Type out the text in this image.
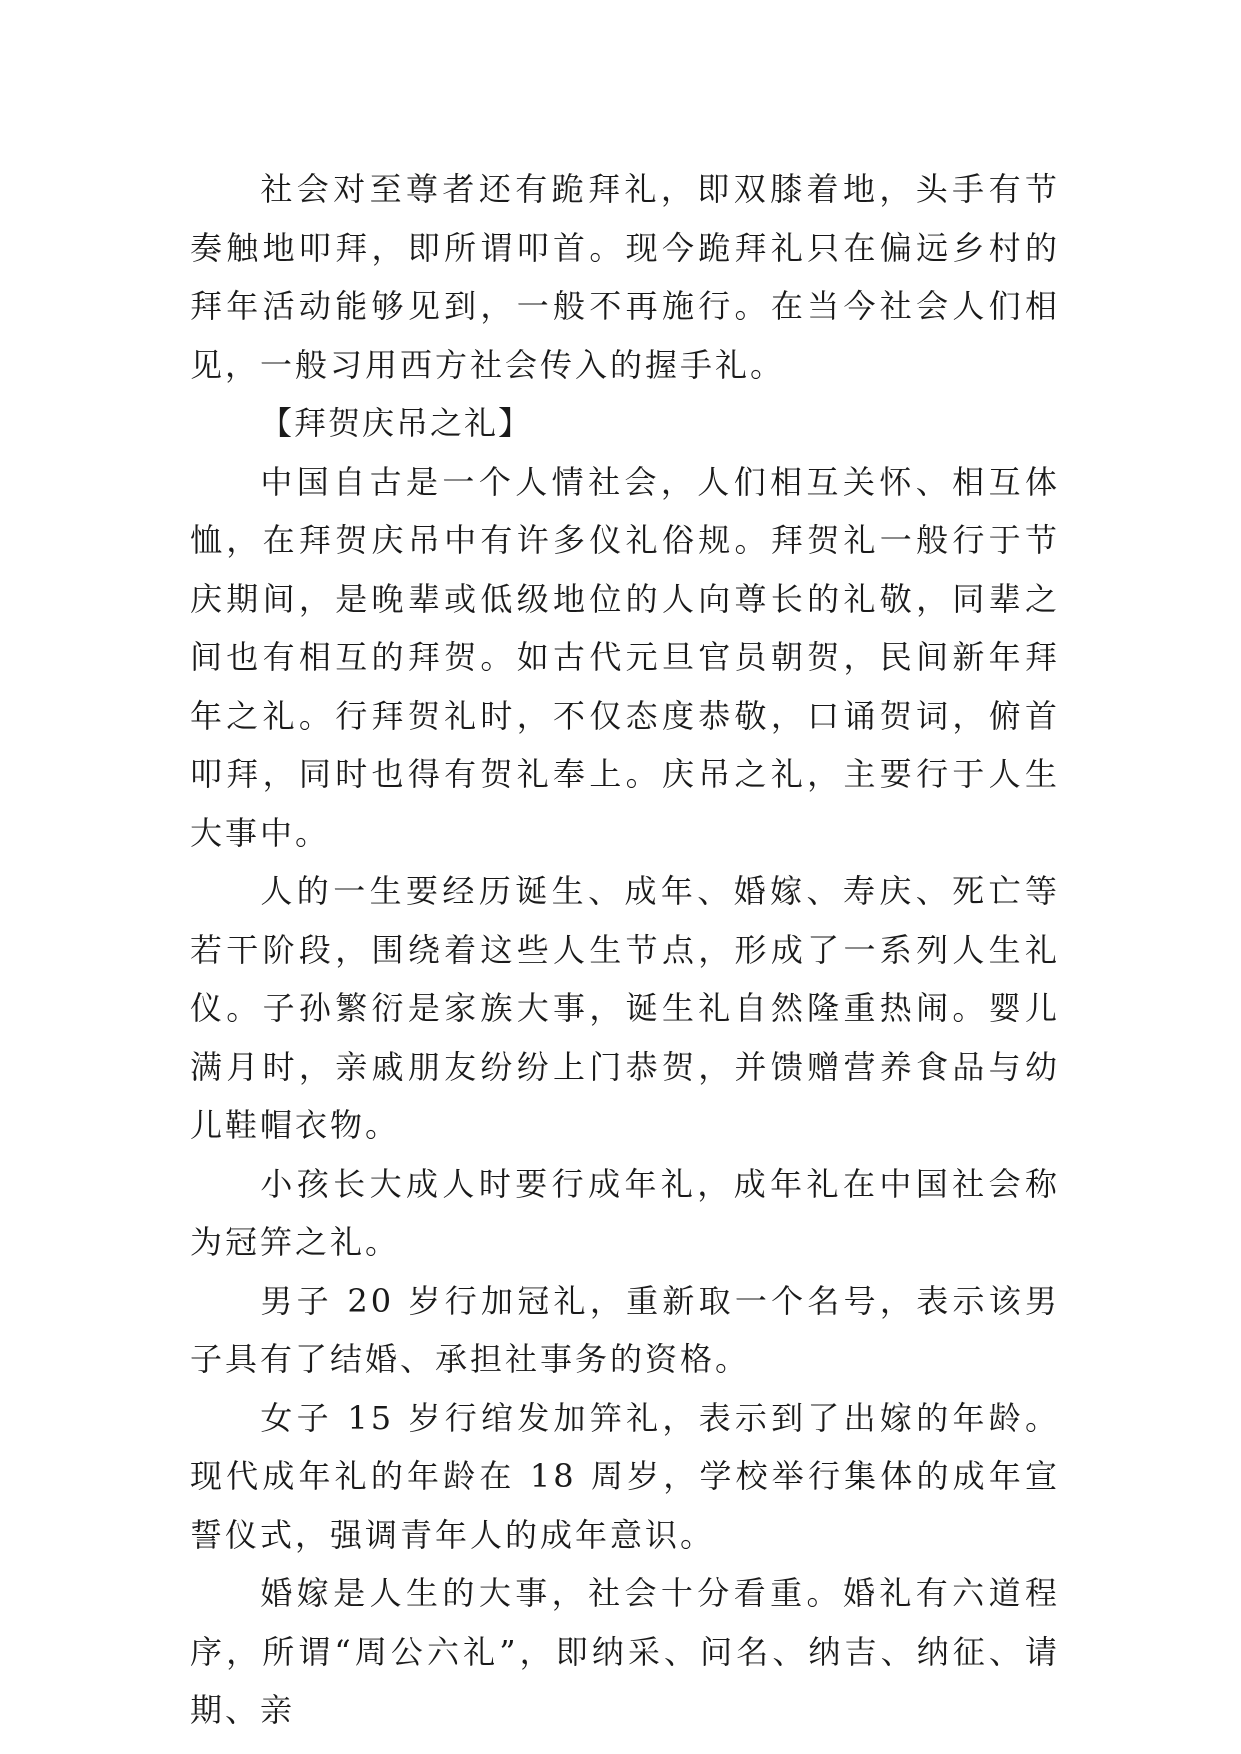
社会对至尊者还有跪拜礼，即双膝着地，头手有节奏触地叩拜，即所谓叩首。现今跪拜礼只在偏远乡村的拜年活动能够见到，一般不再施行。在当今社会人们相见，一般习用西方社会传入的握手礼。

【拜贺庆吊之礼】

中国自古是一个人情社会，人们相互关怀、相互体恤，在拜贺庆吊中有许多仪礼俗规。拜贺礼一般行于节庆期间，是晚辈或低级地位的人向尊长的礼敬，同辈之间也有相互的拜贺。如古代元旦官员朝贺，民间新年拜年之礼。行拜贺礼时，不仅态度恭敬，口诵贺词，俯首叩拜，同时也得有贺礼奉上。庆吊之礼，主要行于人生大事中。

人的一生要经历诞生、成年、婚嫁、寿庆、死亡等若干阶段，围绕着这些人生节点，形成了一系列人生礼仪。子孙繁衍是家族大事，诞生礼自然隆重热闹。婴儿满月时，亲戚朋友纷纷上门恭贺，并馈赠营养食品与幼儿鞋帽衣物。

小孩长大成人时要行成年礼，成年礼在中国社会称为冠笄之礼。

男子 20 岁行加冠礼，重新取一个名号，表示该男子具有了结婚、承担社事务的资格。

女子 15 岁行绾发加笄礼，表示到了出嫁的年龄。现代成年礼的年龄在 18 周岁，学校举行集体的成年宣誓仪式，强调青年人的成年意识。

婚嫁是人生的大事，社会十分看重。婚礼有六道程序，所谓“周公六礼”，即纳采、问名、纳吉、纳征、请期、亲
